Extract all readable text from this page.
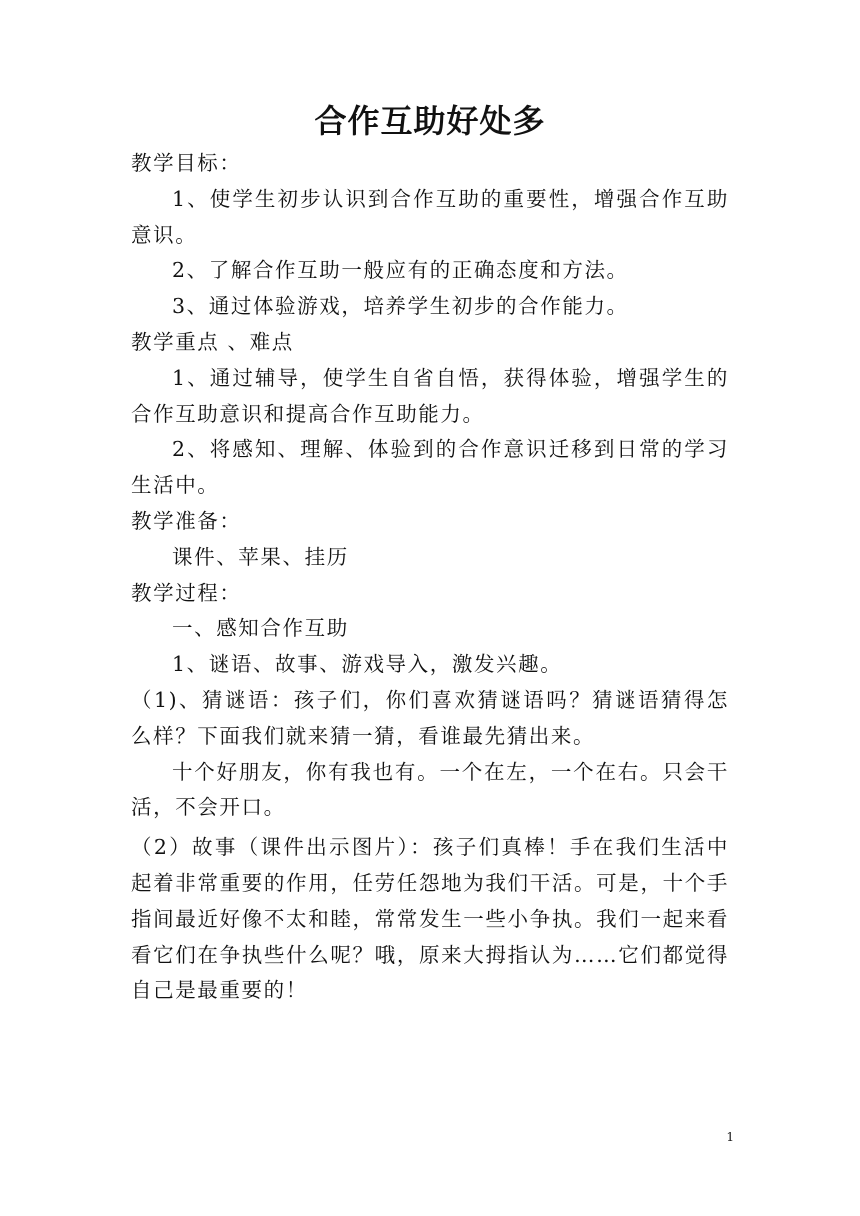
合作互助好处多

教学目标：

1、使学生初步认识到合作互助的重要性，增强合作互助意识。

2、了解合作互助一般应有的正确态度和方法。

3、通过体验游戏，培养学生初步的合作能力。

教学重点 、难点

1、通过辅导，使学生自省自悟，获得体验，增强学生的合作互助意识和提高合作互助能力。

2、将感知、理解、体验到的合作意识迁移到日常的学习生活中。

教学准备：

课件、苹果、挂历

教学过程：

一、感知合作互助

1、谜语、故事、游戏导入，激发兴趣。

（1)、猜谜语：孩子们，你们喜欢猜谜语吗？猜谜语猜得怎么样？下面我们就来猜一猜，看谁最先猜出来。

十个好朋友，你有我也有。一个在左，一个在右。只会干活，不会开口。

（2）故事（课件出示图片）：孩子们真棒！手在我们生活中起着非常重要的作用，任劳任怨地为我们干活。可是，十个手指间最近好像不太和睦，常常发生一些小争执。我们一起来看看它们在争执些什么呢？哦，原来大拇指认为……它们都觉得自己是最重要的！

1
